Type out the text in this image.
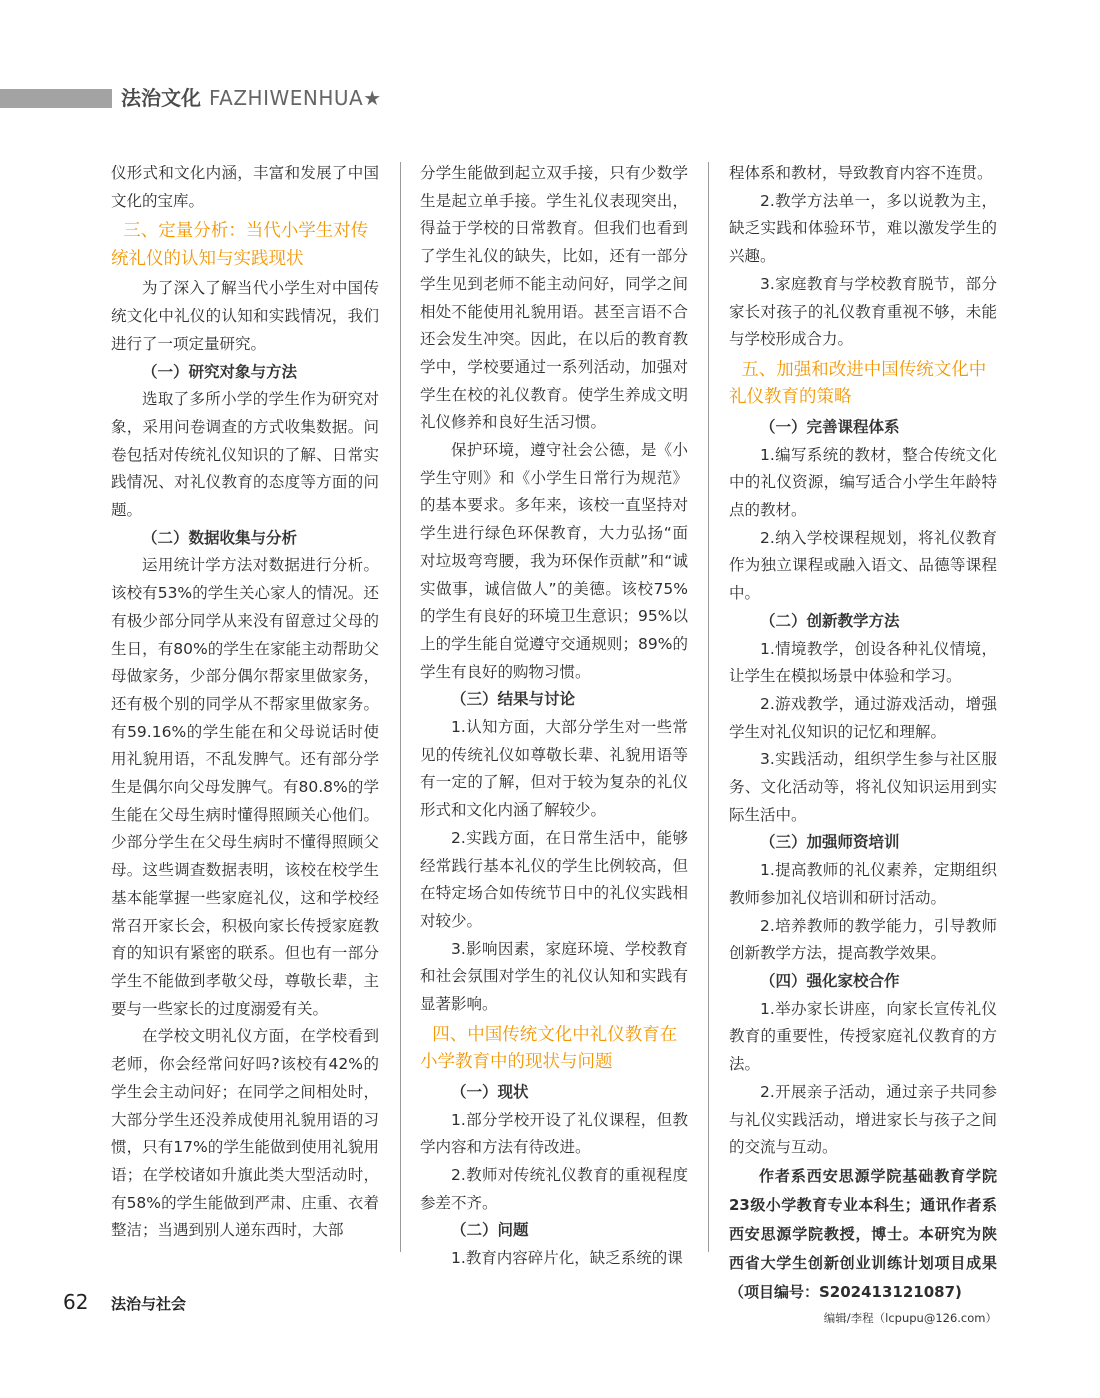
法治文化 FAZHIWENHUA★

仪形式和文化内涵，丰富和发展了中国文化的宝库。

三、定量分析：当代小学生对传统礼仪的认知与实践现状

为了深入了解当代小学生对中国传统文化中礼仪的认知和实践情况，我们进行了一项定量研究。

（一）研究对象与方法

选取了多所小学的学生作为研究对象，采用问卷调查的方式收集数据。问卷包括对传统礼仪知识的了解、日常实践情况、对礼仪教育的态度等方面的问题。

（二）数据收集与分析

运用统计学方法对数据进行分析。该校有53%的学生关心家人的情况。还有极少部分同学从来没有留意过父母的生日，有80%的学生在家能主动帮助父母做家务，少部分偶尔帮家里做家务，还有极个别的同学从不帮家里做家务。有59.16%的学生能在和父母说话时使用礼貌用语，不乱发脾气。还有部分学生是偶尔向父母发脾气。有80.8%的学生能在父母生病时懂得照顾关心他们。少部分学生在父母生病时不懂得照顾父母。这些调查数据表明，该校在校学生基本能掌握一些家庭礼仪，这和学校经常召开家长会，积极向家长传授家庭教育的知识有紧密的联系。但也有一部分学生不能做到孝敬父母，尊敬长辈，主要与一些家长的过度溺爱有关。

在学校文明礼仪方面，在学校看到老师，你会经常问好吗?该校有42%的学生会主动问好；在同学之间相处时，大部分学生还没养成使用礼貌用语的习惯，只有17%的学生能做到使用礼貌用语；在学校诸如升旗此类大型活动时，有58%的学生能做到严肃、庄重、衣着整洁；当遇到别人递东西时，大部

分学生能做到起立双手接，只有少数学生是起立单手接。学生礼仪表现突出，得益于学校的日常教育。但我们也看到了学生礼仪的缺失，比如，还有一部分学生见到老师不能主动问好，同学之间相处不能使用礼貌用语。甚至言语不合还会发生冲突。因此，在以后的教育教学中，学校要通过一系列活动，加强对学生在校的礼仪教育。使学生养成文明礼仪修养和良好生活习惯。

保护环境，遵守社会公德，是《小学生守则》和《小学生日常行为规范》的基本要求。多年来，该校一直坚持对学生进行绿色环保教育，大力弘扬“面对垃圾弯弯腰，我为环保作贡献”和“诚实做事，诚信做人”的美德。该校75%的学生有良好的环境卫生意识；95%以上的学生能自觉遵守交通规则；89%的学生有良好的购物习惯。

（三）结果与讨论

1.认知方面，大部分学生对一些常见的传统礼仪如尊敬长辈、礼貌用语等有一定的了解，但对于较为复杂的礼仪形式和文化内涵了解较少。

2.实践方面，在日常生活中，能够经常践行基本礼仪的学生比例较高，但在特定场合如传统节日中的礼仪实践相对较少。

3.影响因素，家庭环境、学校教育和社会氛围对学生的礼仪认知和实践有显著影响。

四、中国传统文化中礼仪教育在小学教育中的现状与问题
（一）现状

1.部分学校开设了礼仪课程，但教学内容和方法有待改进。

2.教师对传统礼仪教育的重视程度参差不齐。

（二）问题

1.教育内容碎片化，缺乏系统的课

程体系和教材，导致教育内容不连贯。

2.教学方法单一，多以说教为主，缺乏实践和体验环节，难以激发学生的兴趣。

3.家庭教育与学校教育脱节，部分家长对孩子的礼仪教育重视不够，未能与学校形成合力。

五、加强和改进中国传统文化中礼仪教育的策略
（一）完善课程体系

1.编写系统的教材，整合传统文化中的礼仪资源，编写适合小学生年龄特点的教材。

2.纳入学校课程规划，将礼仪教育作为独立课程或融入语文、品德等课程中。

（二）创新教学方法

1.情境教学，创设各种礼仪情境，让学生在模拟场景中体验和学习。

2.游戏教学，通过游戏活动，增强学生对礼仪知识的记忆和理解。

3.实践活动，组织学生参与社区服务、文化活动等，将礼仪知识运用到实际生活中。

（三）加强师资培训

1.提高教师的礼仪素养，定期组织教师参加礼仪培训和研讨活动。

2.培养教师的教学能力，引导教师创新教学方法，提高教学效果。

（四）强化家校合作

1.举办家长讲座，向家长宣传礼仪教育的重要性，传授家庭礼仪教育的方法。

2.开展亲子活动，通过亲子共同参与礼仪实践活动，增进家长与孩子之间的交流与互动。

作者系西安思源学院基础教育学院23级小学教育专业本科生；通讯作者系西安思源学院教授，博士。本研究为陕西省大学生创新创业训练计划项目成果（项目编号：S202413121087)

编辑/李程（lcpupu@126.com）
62 法治与社会
